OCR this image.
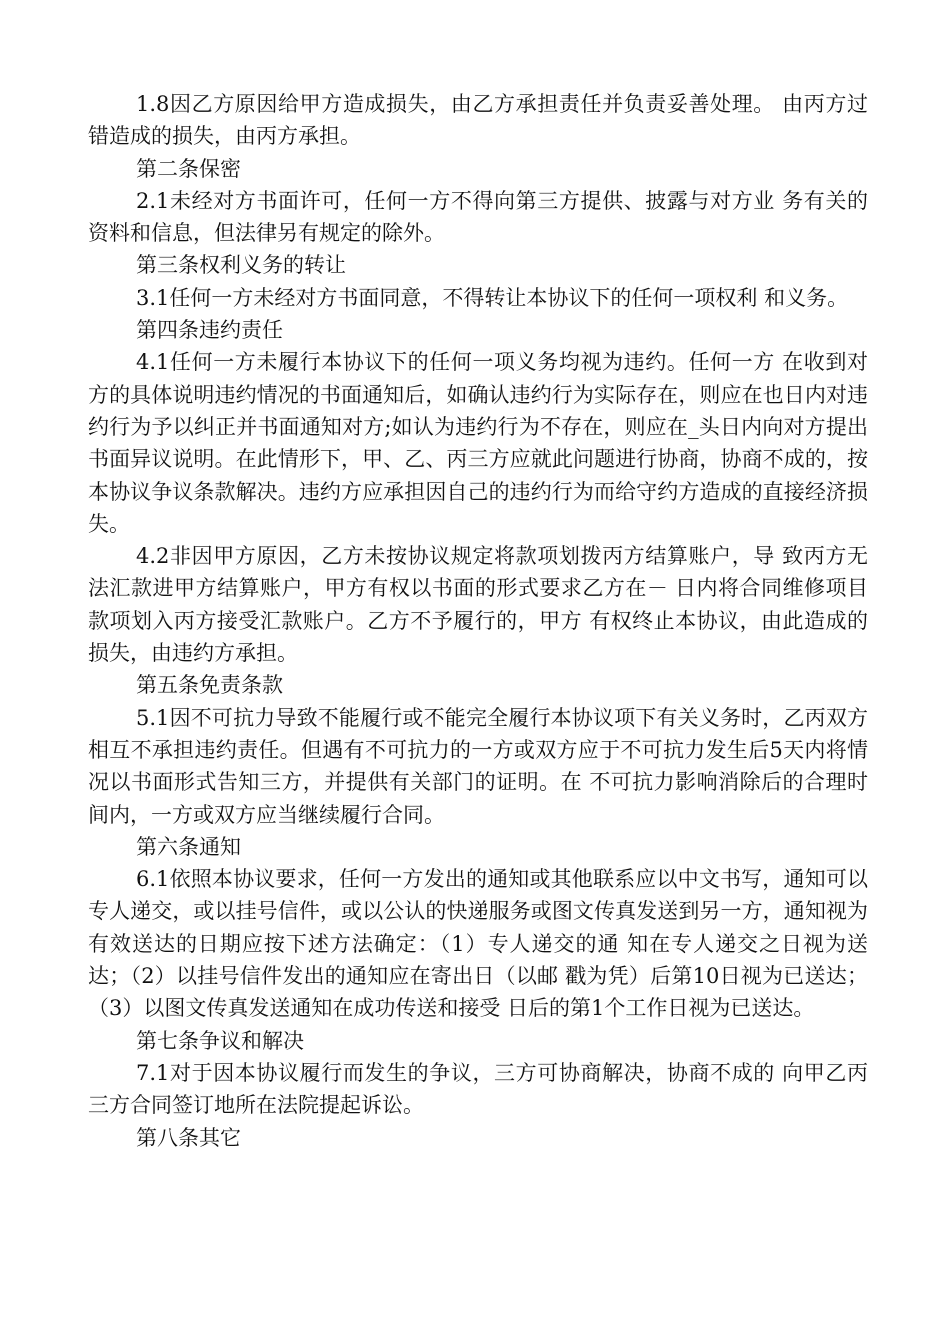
1.8因乙方原因给甲方造成损失，由乙方承担责任并负责妥善处理。 由丙方过错造成的损失，由丙方承担。

第二条保密

2.1未经对方书面许可，任何一方不得向第三方提供、披露与对方业 务有关的资料和信息，但法律另有规定的除外。

第三条权利义务的转让

3.1任何一方未经对方书面同意，不得转让本协议下的任何一项权利 和义务。

第四条违约责任

4.1任何一方未履行本协议下的任何一项义务均视为违约。任何一方 在收到对方的具体说明违约情况的书面通知后，如确认违约行为实际存在，则应在也日内对违约行为予以纠正并书面通知对方;如认为违约行为不存在，则应在_头日内向对方提出书面异议说明。在此情形下，甲、乙、丙三方应就此问题进行协商，协商不成的，按本协议争议条款解决。违约方应承担因自己的违约行为而给守约方造成的直接经济损失。

4.2非因甲方原因，乙方未按协议规定将款项划拨丙方结算账户，导 致丙方无法汇款进甲方结算账户，甲方有权以书面的形式要求乙方在－ 日内将合同维修项目款项划入丙方接受汇款账户。乙方不予履行的，甲方 有权终止本协议，由此造成的损失，由违约方承担。

第五条免责条款

5.1因不可抗力导致不能履行或不能完全履行本协议项下有关义务时，乙丙双方相互不承担违约责任。但遇有不可抗力的一方或双方应于不可抗力发生后5天内将情况以书面形式告知三方，并提供有关部门的证明。在 不可抗力影响消除后的合理时间内，一方或双方应当继续履行合同。

第六条通知

6.1依照本协议要求，任何一方发出的通知或其他联系应以中文书写，通知可以专人递交，或以挂号信件，或以公认的快递服务或图文传真发送到另一方，通知视为有效送达的日期应按下述方法确定：（1）专人递交的通 知在专人递交之日视为送达；（2）以挂号信件发出的通知应在寄出日（以邮 戳为凭）后第10日视为已送达；（3）以图文传真发送通知在成功传送和接受 日后的第1个工作日视为已送达。

第七条争议和解决

7.1对于因本协议履行而发生的争议，三方可协商解决，协商不成的 向甲乙丙三方合同签订地所在法院提起诉讼。

第八条其它
